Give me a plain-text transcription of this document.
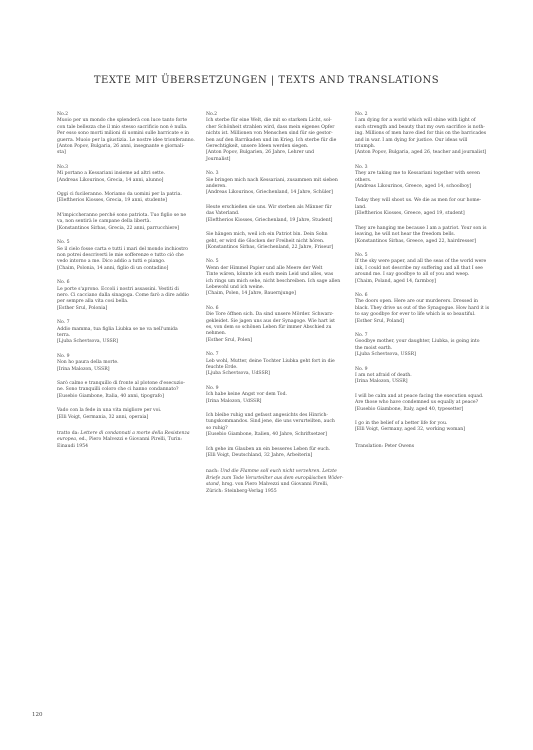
TEXTE MIT ÜBERSETZUNGEN | TEXTS AND TRANSLATIONS
No.2
Muoio per un mondo che splenderà con luce tanto forte
con tale bellezza che il mio stesso sacrificio non è nulla.
Per esso sono morti milioni di uomini sulle barricate e in
guerra. Muoio per la giustizia. Le nostre idee trionferanno.
[Anton Popov, Bulgaria, 26 anni, insegnante e giornali-
sta]
No.3
Mi portano a Kessariani insieme ad altri sette.
[Andreas Likourinos, Grecia, 14 anni, alunno]
Oggi ci fucileranno. Moriamo da uomini per la patria.
[Eleftherios Kiosses, Grecia, 19 anni, studente]
M'impiccheranno perché sono patriota. Tuo figlio se ne
va, non sentirà le campane della libertà.
[Konstantinos Sirbas, Grecia, 22 anni, parrucchiere]
No. 5
Se il cielo fosse carta e tutti i mari del mondo inchiostro
non potrei descriverti le mie sofferenze e tutto ciò che
vedo intorno a me. Dico addio a tutti e piango.
[Chaim, Polonia, 14 anni, figlio di un contadino]
No. 6
Le porte s'aprono. Eccoli i nostri assassini. Vestiti di
nero. Ci cacciano dalla sinagoga. Come farò a dire addio
per sempre alla vita così bella.
[Esther Srul, Polonia]
No. 7
Addio mamma, tua figlia Liubka se ne va nell'umida
terra.
[Ljuba Schevtsova, USSR]
No. 9
Non ho paura della morte.
[Irina Malozon, USSR]
Sarò calmo e tranquillo di fronte al plotone d'esecuzio-
ne. Sono tranquilli coloro che ci hanno condannato?
[Eusebio Giambone, Italia, 40 anni, tipografo]
Vado con la fede in una vita migliore per voi.
[Elli Voigt, Germania, 32 anni, operaia]
tratto da: Lettere di condannati a morte della Resistenza
europea, ed., Piero Malvezzi e Giovanni Pirelli, Turin:
Einaudi 1954
No.2
Ich sterbe für eine Welt, die mit so starkem Licht, sol-
cher Schönheit strahlen wird, dass mein eigenes Opfer
nichts ist. Millionen von Menschen sind für sie gestor-
ben auf den Barrikaden und im Krieg. Ich sterbe für die
Gerechtigkeit, unsere Ideen werden siegen.
[Anton Popov, Bulgarien, 26 Jahre, Lehrer und
Journalist]
No. 3
Sie bringen mich nach Kessariani, zusammen mit sieben
anderen.
[Andreas Likourinos, Griechenland, 14 Jahre, Schüler]
Heute erschießen sie uns. Wir sterben als Männer für
das Vaterland.
[Eleftherios Kiosses, Griechenland, 19 Jahre, Student]
Sie hängen mich, weil ich ein Patriot bin. Dein Sohn
geht, er wird die Glocken der Freiheit nicht hören.
[Konstantinos Sirbas, Griechenland, 22 Jahre, Friseur]
No. 5
Wenn der Himmel Papier und alle Meere der Welt
Tinte wären, könnte ich euch mein Leid und alles, was
ich rings um mich sehe, nicht beschreiben. Ich sage allen
Lebewohl und ich weine.
[Chaim, Polen, 14 Jahre, Bauernjunge]
No. 6
Die Tore öffnen sich. Da sind unsere Mörder. Schwarz-
gekleidet. Sie jagen uns aus der Synagoge. Wie hart ist
es, von dem so schönen Leben für immer Abschied zu
nehmen.
[Esther Srul, Polen]
No. 7
Leb wohl, Mutter, deine Tochter Liubka geht fort in die
feuchte Erde.
[Ljuba Schevtsova, UdSSR]
No. 9
Ich habe keine Angst vor dem Tod.
[Irina Malozon, UdSSR]
Ich bleibe ruhig und gefasst angesichts des Hinrich-
tungskommandos. Sind jene, die uns verurteilten, auch
so ruhig?
[Eusebio Giambone, Italien, 40 Jahre, Schriftsetzer]
Ich gehe im Glauben an ein besseres Leben für euch.
[Elli Voigt, Deutschland, 32 Jahre, Arbeiterin]
nach: Und die Flamme soll euch nicht verzehren. Letzte
Briefe zum Tode Verurteilter aus dem europäischen Wider-
stand, hrsg. von Piero Malvezzi und Giovanni Pirelli,
Zürich: Steinberg-Verlag 1955
No. 2
I am dying for a world which will shine with light of
such strength and beauty that my own sacrifice is noth-
ing. Millions of men have died for this on the barricades
and in war. I am dying for justice. Our ideas will
triumph.
[Anton Popov, Bulgaria, aged 26, teacher and journalist]
No. 3
They are taking me to Kessariani together with seven
others.
[Andreas Likourinos, Greece, aged 14, schoolboy]
Today they will shoot us. We die as men for our home-
land.
[Eleftherios Kiosses, Greece, aged 19, student]
They are hanging me because I am a patriot. Your son is
leaving, he will not hear the freedom bells.
[Konstantinos Sirbas, Greece, aged 22, hairdresser]
No. 5
If the sky were paper, and all the seas of the world were
ink, I could not describe my suffering and all that I see
around me. I say goodbye to all of you and weep.
[Chaim, Poland, aged 14, farmboy]
No. 6
The doors open. Here are our murderers. Dressed in
black. They drive us out of the Synagogue. How hard it is
to say goodbye for ever to life which is so beautiful.
[Esther Srul, Poland]
No. 7
Goodbye mother, your daughter, Liubka, is going into
the moist earth.
[Ljuba Schevtsova, USSR]
No. 9
I am not afraid of death.
[Irina Malozon, USSR]
I will be calm and at peace facing the execution squad.
Are those who have condemned us equally at peace?
[Eusebio Giambone, Italy, aged 40, typesetter]
I go in the belief of a better life for you.
[Elli Voigt, Germany, aged 32, working woman]
Translation: Peter Owens
120
